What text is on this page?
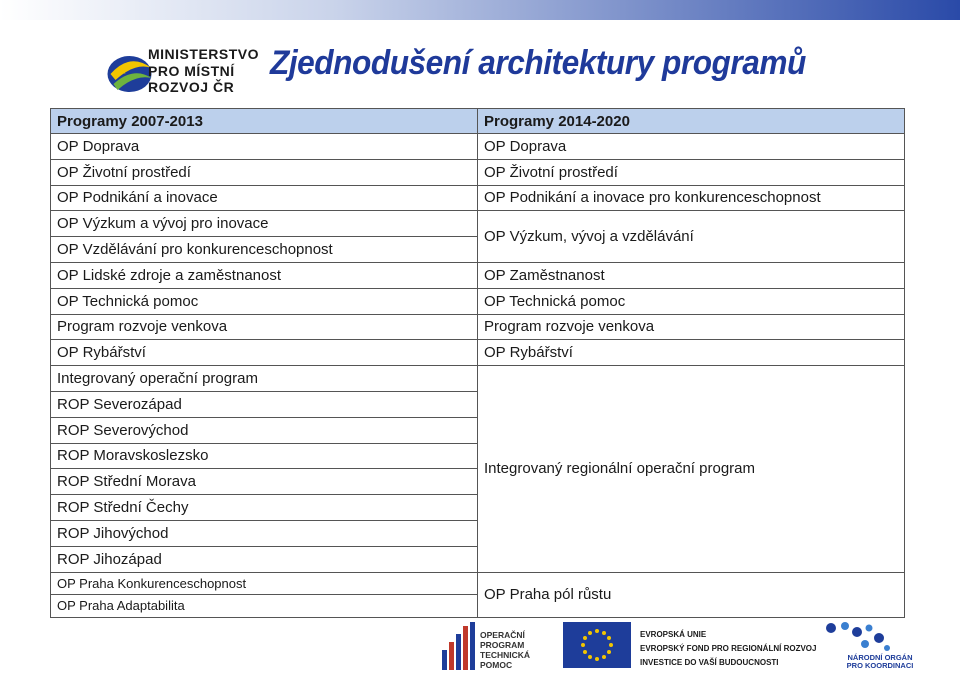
MINISTERSTVO
PRO MÍSTNÍ
ROZVOJ ČR
Zjednodušení architektury programů
Programy 2007-2013	Programy 2014-2020
OP Doprava	OP Doprava
OP Životní prostředí	OP Životní prostředí
OP Podnikání a inovace	OP Podnikání a inovace pro konkurenceschopnost
OP Výzkum a vývoj pro inovace	OP Výzkum, vývoj a vzdělávání
OP Vzdělávání pro konkurenceschopnost	
OP Lidské zdroje a zaměstnanost	OP Zaměstnanost
OP Technická pomoc	OP Technická pomoc
Program rozvoje venkova	Program rozvoje venkova
OP Rybářství	OP Rybářství
Integrovaný operační program	Integrovaný regionální operační program
ROP Severozápad	
ROP Severovýchod	
ROP Moravskoslezsko	
ROP Střední Morava	
ROP Střední Čechy	
ROP Jihovýchod	
ROP Jihozápad	
OP Praha Konkurenceschopnost	OP Praha pól růstu
OP Praha Adaptabilita	
OPERAČNÍ
PROGRAM
TECHNICKÁ
POMOC
EVROPSKÁ UNIE
EVROPSKÝ FOND PRO REGIONÁLNÍ ROZVOJ
INVESTICE DO VAŠÍ BUDOUCNOSTI
NÁRODNÍ ORGÁN
PRO KOORDINACI
